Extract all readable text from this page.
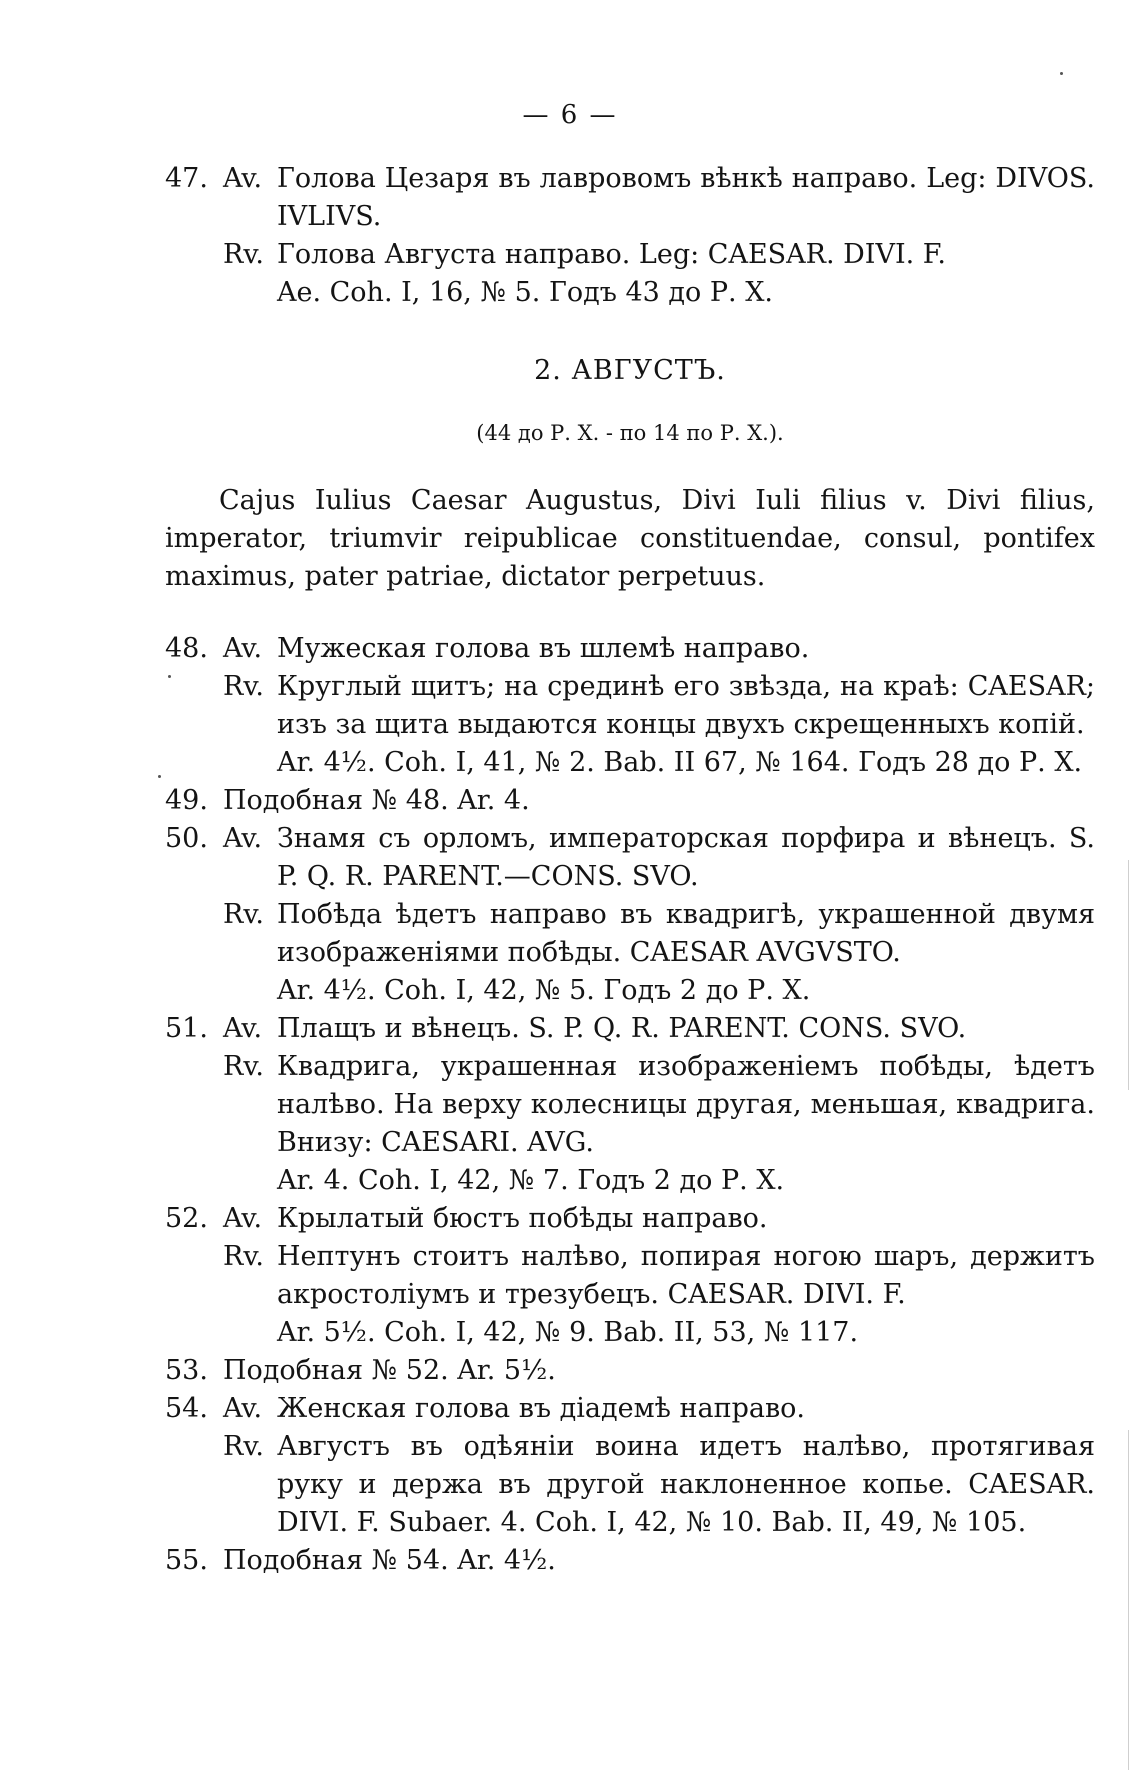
— 6 —
47. Av. Голова Цезаря въ лавровомъ вѣнкѣ направо. Leg: DIVOS. IVLIVS.
Rv. Голова Августа направо. Leg: CAESAR. DIVI. F.
Ae. Coh. I, 16, № 5. Годъ 43 до Р. Х.
2. АВГУСТЪ.
(44 до Р. Х. - по 14 по Р. Х.).
Cajus Iulius Caesar Augustus, Divi Iuli filius v. Divi filius, imperator, triumvir reipublicae constituendae, consul, pontifex maximus, pater patriae, dictator perpetuus.
48. Av. Мужеская голова въ шлемѣ направо.
Rv. Круглый щитъ; на срединѣ его звѣзда, на краѣ: CAESAR; изъ за щита выдаются концы двухъ скрещенныхъ копій.
Ar. 4½. Coh. I, 41, № 2. Bab. II 67, № 164. Годъ 28 до Р. Х.
49. Подобная № 48. Ar. 4.
50. Av. Знамя съ орломъ, императорская порфира и вѣнецъ. S. P. Q. R. PARENT.—CONS. SVO.
Rv. Побѣда ѣдетъ направо въ квадригѣ, украшенной двумя изображеніями побѣды. CAESAR AVGVSTO.
Ar. 4½. Coh. I, 42, № 5. Годъ 2 до Р. Х.
51. Av. Плащъ и вѣнецъ. S. P. Q. R. PARENT. CONS. SVO.
Rv. Квадрига, украшенная изображеніемъ побѣды, ѣдетъ налѣво. На верху колесницы другая, меньшая, квадрига. Внизу: CAESARI. AVG.
Ar. 4. Coh. I, 42, № 7. Годъ 2 до Р. Х.
52. Av. Крылатый бюстъ побѣды направо.
Rv. Нептунъ стоитъ налѣво, попирая ногою шаръ, держитъ акростоліумъ и трезубецъ. CAESAR. DIVI. F.
Ar. 5½. Coh. I, 42, № 9. Bab. II, 53, № 117.
53. Подобная № 52. Ar. 5½.
54. Av. Женская голова въ діадемѣ направо.
Rv. Августъ въ одѣяніи воина идетъ налѣво, протягивая руку и держа въ другой наклоненное копье. CAESAR. DIVI. F. Subaer. 4. Coh. I, 42, № 10. Bab. II, 49, № 105.
55. Подобная № 54. Ar. 4½.
